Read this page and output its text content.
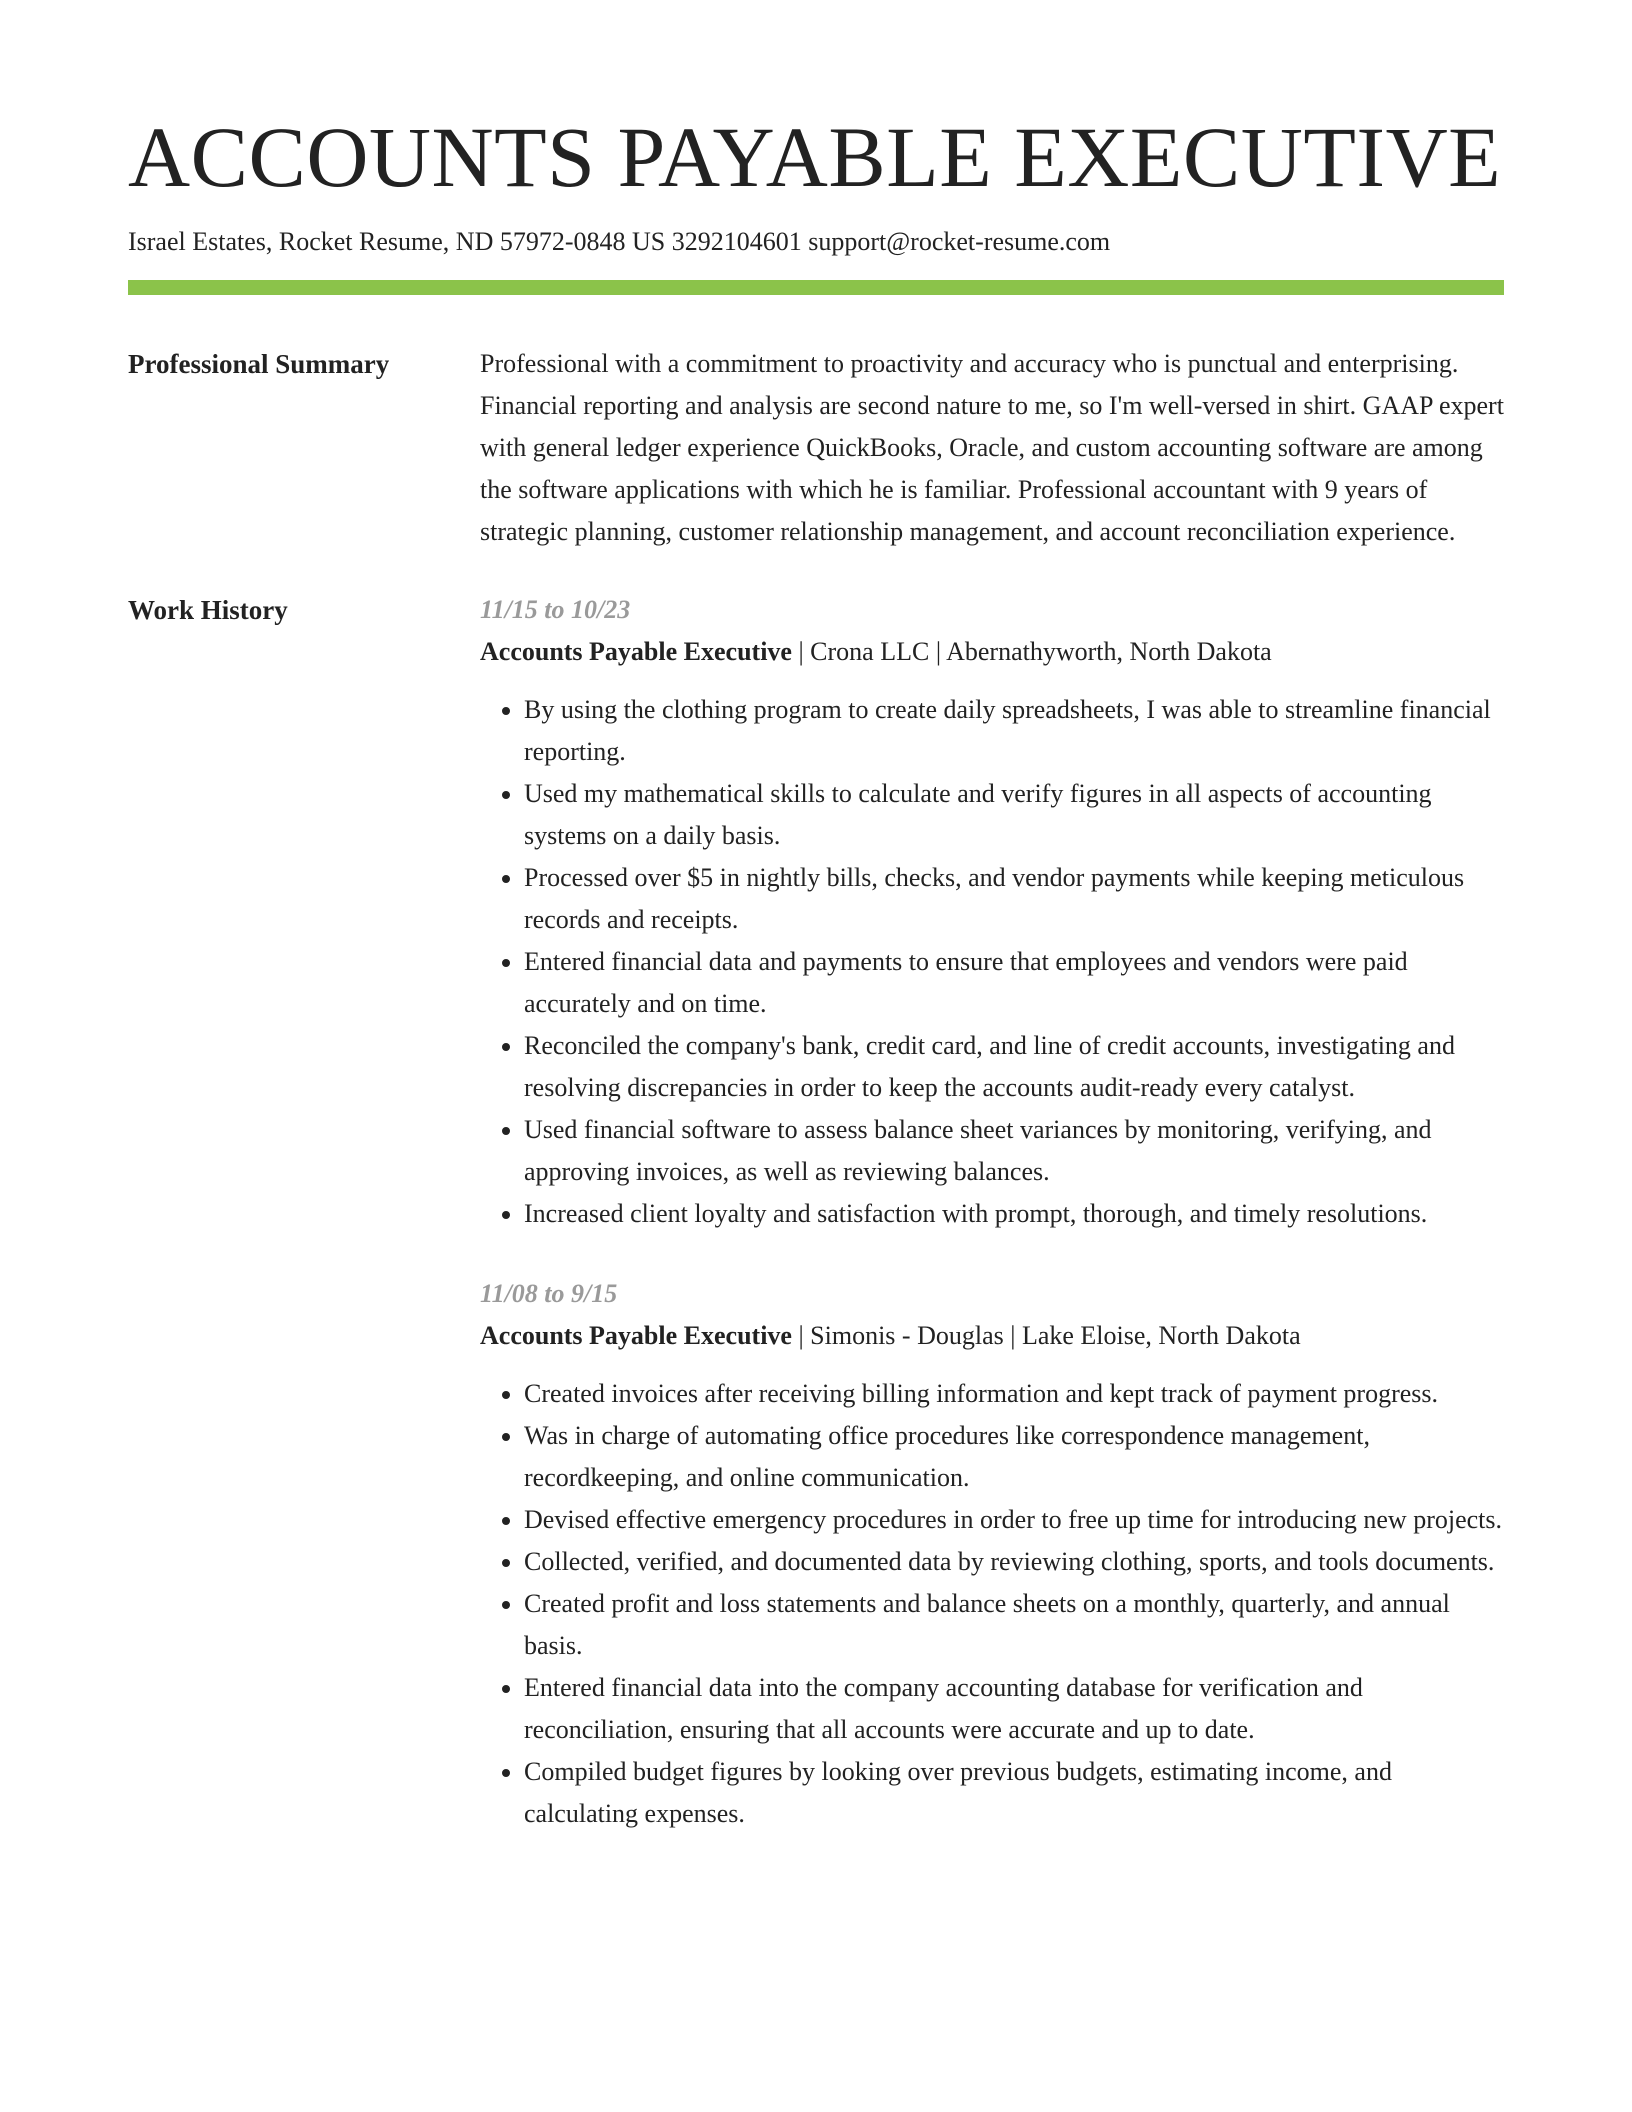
ACCOUNTS PAYABLE EXECUTIVE
Israel Estates, Rocket Resume, ND 57972-0848 US 3292104601 support@rocket-resume.com
Professional Summary	Professional with a commitment to proactivity and accuracy who is punctual and enterprising. Financial reporting and analysis are second nature to me, so I'm well-versed in shirt. GAAP expert with general ledger experience QuickBooks, Oracle, and custom accounting software are among the software applications with which he is familiar. Professional accountant with 9 years of strategic planning, customer relationship management, and account reconciliation experience.

Work History	11/15 to 10/23
Accounts Payable Executive | Crona LLC | Abernathyworth, North Dakota
• By using the clothing program to create daily spreadsheets, I was able to streamline financial reporting.
• Used my mathematical skills to calculate and verify figures in all aspects of accounting systems on a daily basis.
• Processed over $5 in nightly bills, checks, and vendor payments while keeping meticulous records and receipts.
• Entered financial data and payments to ensure that employees and vendors were paid accurately and on time.
• Reconciled the company's bank, credit card, and line of credit accounts, investigating and resolving discrepancies in order to keep the accounts audit-ready every catalyst.
• Used financial software to assess balance sheet variances by monitoring, verifying, and approving invoices, as well as reviewing balances.
• Increased client loyalty and satisfaction with prompt, thorough, and timely resolutions.
11/08 to 9/15
Accounts Payable Executive | Simonis - Douglas | Lake Eloise, North Dakota
• Created invoices after receiving billing information and kept track of payment progress.
• Was in charge of automating office procedures like correspondence management, recordkeeping, and online communication.
• Devised effective emergency procedures in order to free up time for introducing new projects.
• Collected, verified, and documented data by reviewing clothing, sports, and tools documents.
• Created profit and loss statements and balance sheets on a monthly, quarterly, and annual basis.
• Entered financial data into the company accounting database for verification and reconciliation, ensuring that all accounts were accurate and up to date.
• Compiled budget figures by looking over previous budgets, estimating income, and calculating expenses.
